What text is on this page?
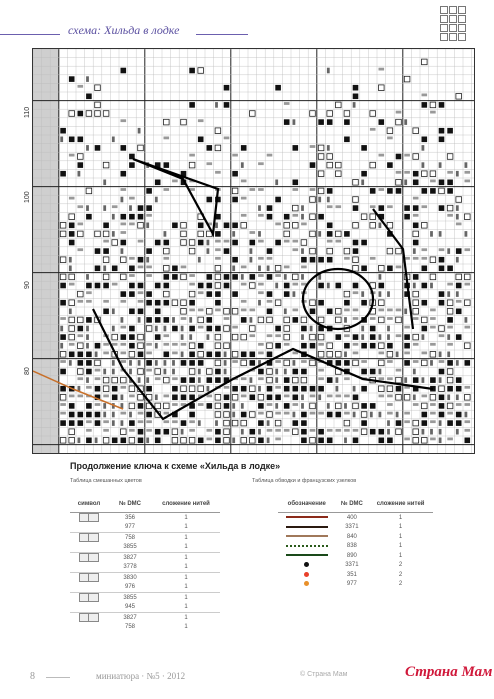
схема: Хильда в лодке
110
100
90
80
Продолжение ключа к схеме «Хильда в лодке»
Таблица смешанных цветов	Таблица обводки и французских узелков
символ	№ DMC	сложение нитей
	356	1
	977	1
	758	1
	3855	1
	3827	1
	3778	1
	3830	1
	976	1
	3855	1
	945	1
	3827	1
	758	1
обозначение	№ DMC	сложение нитей
	400	1
	3371	1
	840	1
	838	1
	890	1
	3371	2
	351	2
	977	2
8	миниатюра · №5 · 2012	© Страна Мам	Страна Мам
